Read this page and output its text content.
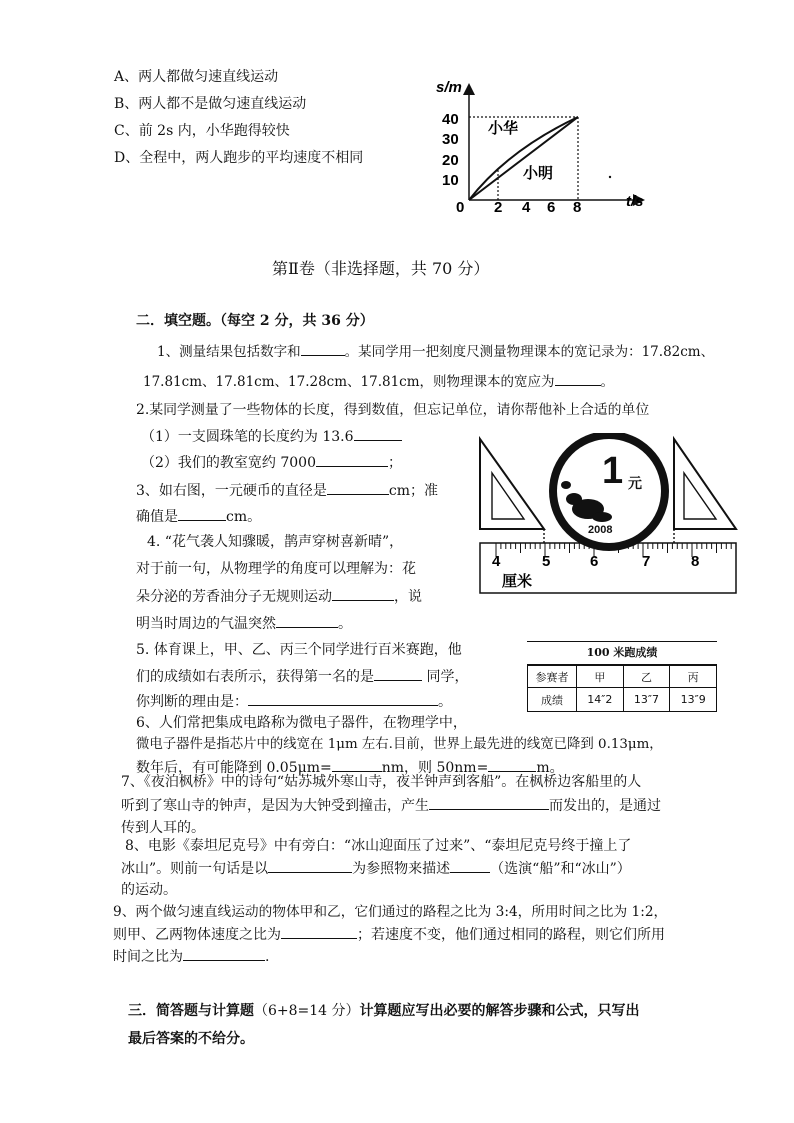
A、两人都做匀速直线运动
B、两人都不是做匀速直线运动
C、前 2s 内，小华跑得较快
D、全程中，两人跑步的平均速度不相同
s/m
t/s
0
40
30
20
10
2 4 6 8
小华
小明
第Ⅱ卷（非选择题，共 70 分）
二．填空题。（每空 2 分，共 36 分）
1、测量结果包括数字和	。某同学用一把刻度尺测量物理课本的宽记录为：17.82cm、
17.81cm、17.81cm、17.28cm、17.81cm，则物理课本的宽应为	。
2.某同学测量了一些物体的长度，得到数值，但忘记单位，请你帮他补上合适的单位
（1）一支圆珠笔的长度约为 13.6
（2）我们的教室宽约 7000	；
3、如右图，一元硬币的直径是	cm；准
确值是	cm。
4	5	6	7	8
厘米
1 元
2008
4. “花气袭人知骤暖，鹊声穿树喜新晴”，
对于前一句，从物理学的角度可以理解为：花
朵分泌的芳香油分子无规则运动	，说
明当时周边的气温突然	。
5. 体育课上，甲、乙、丙三个同学进行百米赛跑，他
们的成绩如右表所示，获得第一名的是	同学，
你判断的理由是：	。
100 米跑成绩
参赛者	甲	乙	丙
成绩	14″2	13″7	13″9
6、人们常把集成电路称为微电子器件，在物理学中，
微电子器件是指芯片中的线宽在 1μm 左右.目前，世界上最先进的线宽已降到 0.13μm，
数年后，有可能降到 0.05μm=	nm，则 50nm=	m。
7、《夜泊枫桥》中的诗句“姑苏城外寒山寺，夜半钟声到客船”。在枫桥边客船里的人
听到了寒山寺的钟声，是因为大钟受到撞击，产生	而发出的，是通过
传到人耳的。
8、电影《泰坦尼克号》中有旁白：“冰山迎面压了过来”、“泰坦尼克号终于撞上了
冰山”。则前一句话是以	为参照物来描述	（选演“船”和“冰山”）
的运动。
9、两个做匀速直线运动的物体甲和乙，它们通过的路程之比为 3:4，所用时间之比为 1:2，
则甲、乙两物体速度之比为	；若速度不变，他们通过相同的路程，则它们所用
时间之比为	.
三．简答题与计算题（6+8=14 分）计算题应写出必要的解答步骤和公式，只写出
最后答案的不给分。
